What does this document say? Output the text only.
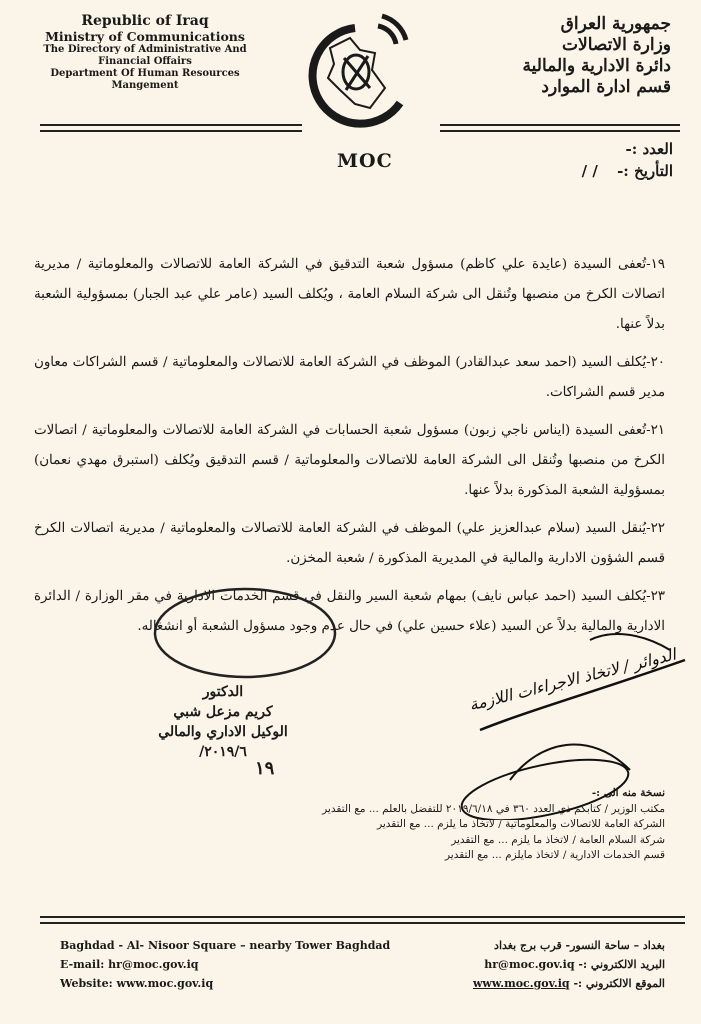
Republic of Iraq
Ministry of Communications
The Directory of Administrative And
Financial Offairs
Department Of Human Resources
Mangement
جمهورية العراق
وزارة الاتصالات
دائرة الادارية والمالية
قسم ادارة الموارد
MOC
العدد :-
التأريخ :- / /

١٩-تُعفى السيدة (عايدة علي كاظم) مسؤول شعبة التدقيق في الشركة العامة للاتصالات والمعلوماتية / مديرية اتصالات الكرخ من منصبها وتُنقل الى شركة السلام العامة ، ويُكلف السيد (عامر علي عبد الجبار) بمسؤولية الشعبة بدلاً عنها.

٢٠-يُكلف السيد (احمد سعد عبدالقادر) الموظف في الشركة العامة للاتصالات والمعلوماتية / قسم الشراكات معاون مدير قسم الشراكات.

٢١-تُعفى السيدة (ايناس ناجي زبون) مسؤول شعبة الحسابات في الشركة العامة للاتصالات والمعلوماتية / اتصالات الكرخ من منصبها وتُنقل الى الشركة العامة للاتصالات والمعلوماتية / قسم التدقيق ويُكلف (استبرق مهدي نعمان) بمسؤولية الشعبة المذكورة بدلاً عنها.

٢٢-يُنقل السيد (سلام عبدالعزيز علي) الموظف في الشركة العامة للاتصالات والمعلوماتية / مديرية اتصالات الكرخ قسم الشؤون الادارية والمالية في المديرية المذكورة / شعبة المخزن.

٢٣-يُكلف السيد (احمد عباس نايف) بمهام شعبة السير والنقل في قسم الخدمات الادارية في مقر الوزارة / الدائرة الادارية والمالية بدلاً عن السيد (علاء حسين علي) في حال عدم وجود مسؤول الشعبة أو انشغاله.

الدكتور
كريم مزعل شبي
الوكيل الاداري والمالي
٢٠١٩/٦/
١٩
الدوائر / لاتخاذ الاجراءات اللازمة
نسخة منه الى :-
مكتب الوزير / كتابكم ذي العدد ٣٦٠ في ٢٠١٩/٦/١٨ للتفضل بالعلم ... مع التقدير
الشركة العامة للاتصالات والمعلوماتية / لاتخاذ ما يلزم ... مع التقدير
شركة السلام العامة / لاتخاذ ما يلزم ... مع التقدير
قسم الخدمات الادارية / لاتخاذ مايلزم ... مع التقدير
Baghdad - Al- Nisoor Square – nearby Tower Baghdad
E-mail: hr@moc.gov.iq
Website: www.moc.gov.iq
بغداد – ساحة النسور- قرب برج بغداد
البريد الالكتروني :- hr@moc.gov.iq
الموقع الالكتروني :- www.moc.gov.iq
